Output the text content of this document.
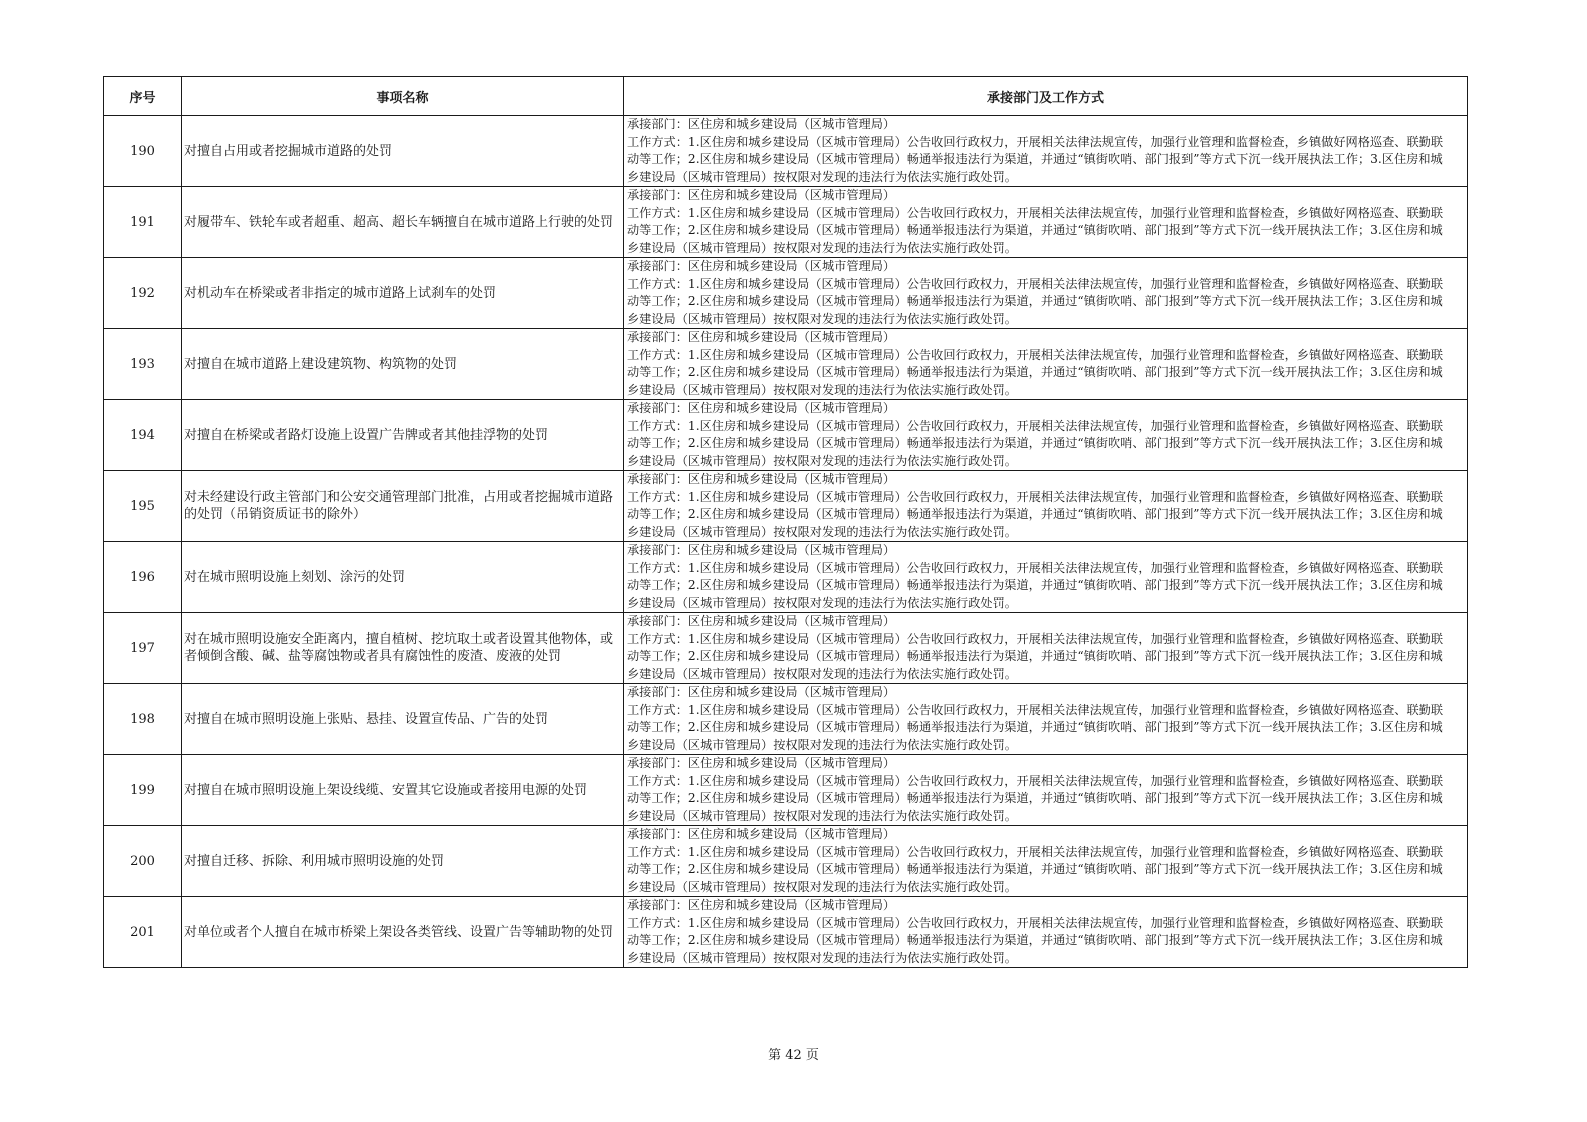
序号	事项名称	承接部门及工作方式
190	对擅自占用或者挖掘城市道路的处罚	承接部门：区住房和城乡建设局（区城市管理局）
工作方式：1.区住房和城乡建设局（区城市管理局）公告收回行政权力，开展相关法律法规宣传，加强行业管理和监督检查，乡镇做好网格巡查、联勤联动等工作；2.区住房和城乡建设局（区城市管理局）畅通举报违法行为渠道，并通过“镇街吹哨、部门报到”等方式下沉一线开展执法工作；3.区住房和城乡建设局（区城市管理局）按权限对发现的违法行为依法实施行政处罚。

191	对履带车、铁轮车或者超重、超高、超长车辆擅自在城市道路上行驶的处罚	承接部门：区住房和城乡建设局（区城市管理局）
工作方式：1.区住房和城乡建设局（区城市管理局）公告收回行政权力，开展相关法律法规宣传，加强行业管理和监督检查，乡镇做好网格巡查、联勤联动等工作；2.区住房和城乡建设局（区城市管理局）畅通举报违法行为渠道，并通过“镇街吹哨、部门报到”等方式下沉一线开展执法工作；3.区住房和城乡建设局（区城市管理局）按权限对发现的违法行为依法实施行政处罚。

192	对机动车在桥梁或者非指定的城市道路上试刹车的处罚	承接部门：区住房和城乡建设局（区城市管理局）
工作方式：1.区住房和城乡建设局（区城市管理局）公告收回行政权力，开展相关法律法规宣传，加强行业管理和监督检查，乡镇做好网格巡查、联勤联动等工作；2.区住房和城乡建设局（区城市管理局）畅通举报违法行为渠道，并通过“镇街吹哨、部门报到”等方式下沉一线开展执法工作；3.区住房和城乡建设局（区城市管理局）按权限对发现的违法行为依法实施行政处罚。

193	对擅自在城市道路上建设建筑物、构筑物的处罚	承接部门：区住房和城乡建设局（区城市管理局）
工作方式：1.区住房和城乡建设局（区城市管理局）公告收回行政权力，开展相关法律法规宣传，加强行业管理和监督检查，乡镇做好网格巡查、联勤联动等工作；2.区住房和城乡建设局（区城市管理局）畅通举报违法行为渠道，并通过“镇街吹哨、部门报到”等方式下沉一线开展执法工作；3.区住房和城乡建设局（区城市管理局）按权限对发现的违法行为依法实施行政处罚。

194	对擅自在桥梁或者路灯设施上设置广告牌或者其他挂浮物的处罚	承接部门：区住房和城乡建设局（区城市管理局）
工作方式：1.区住房和城乡建设局（区城市管理局）公告收回行政权力，开展相关法律法规宣传，加强行业管理和监督检查，乡镇做好网格巡查、联勤联动等工作；2.区住房和城乡建设局（区城市管理局）畅通举报违法行为渠道，并通过“镇街吹哨、部门报到”等方式下沉一线开展执法工作；3.区住房和城乡建设局（区城市管理局）按权限对发现的违法行为依法实施行政处罚。

195	对未经建设行政主管部门和公安交通管理部门批准，占用或者挖掘城市道路的处罚（吊销资质证书的除外）	承接部门：区住房和城乡建设局（区城市管理局）
工作方式：1.区住房和城乡建设局（区城市管理局）公告收回行政权力，开展相关法律法规宣传，加强行业管理和监督检查，乡镇做好网格巡查、联勤联动等工作；2.区住房和城乡建设局（区城市管理局）畅通举报违法行为渠道，并通过“镇街吹哨、部门报到”等方式下沉一线开展执法工作；3.区住房和城乡建设局（区城市管理局）按权限对发现的违法行为依法实施行政处罚。

196	对在城市照明设施上刻划、涂污的处罚	承接部门：区住房和城乡建设局（区城市管理局）
工作方式：1.区住房和城乡建设局（区城市管理局）公告收回行政权力，开展相关法律法规宣传，加强行业管理和监督检查，乡镇做好网格巡查、联勤联动等工作；2.区住房和城乡建设局（区城市管理局）畅通举报违法行为渠道，并通过“镇街吹哨、部门报到”等方式下沉一线开展执法工作；3.区住房和城乡建设局（区城市管理局）按权限对发现的违法行为依法实施行政处罚。

197	对在城市照明设施安全距离内，擅自植树、挖坑取土或者设置其他物体，或者倾倒含酸、碱、盐等腐蚀物或者具有腐蚀性的废渣、废液的处罚	承接部门：区住房和城乡建设局（区城市管理局）
工作方式：1.区住房和城乡建设局（区城市管理局）公告收回行政权力，开展相关法律法规宣传，加强行业管理和监督检查，乡镇做好网格巡查、联勤联动等工作；2.区住房和城乡建设局（区城市管理局）畅通举报违法行为渠道，并通过“镇街吹哨、部门报到”等方式下沉一线开展执法工作；3.区住房和城乡建设局（区城市管理局）按权限对发现的违法行为依法实施行政处罚。

198	对擅自在城市照明设施上张贴、悬挂、设置宣传品、广告的处罚	承接部门：区住房和城乡建设局（区城市管理局）
工作方式：1.区住房和城乡建设局（区城市管理局）公告收回行政权力，开展相关法律法规宣传，加强行业管理和监督检查，乡镇做好网格巡查、联勤联动等工作；2.区住房和城乡建设局（区城市管理局）畅通举报违法行为渠道，并通过“镇街吹哨、部门报到”等方式下沉一线开展执法工作；3.区住房和城乡建设局（区城市管理局）按权限对发现的违法行为依法实施行政处罚。

199	对擅自在城市照明设施上架设线缆、安置其它设施或者接用电源的处罚	承接部门：区住房和城乡建设局（区城市管理局）
工作方式：1.区住房和城乡建设局（区城市管理局）公告收回行政权力，开展相关法律法规宣传，加强行业管理和监督检查，乡镇做好网格巡查、联勤联动等工作；2.区住房和城乡建设局（区城市管理局）畅通举报违法行为渠道，并通过“镇街吹哨、部门报到”等方式下沉一线开展执法工作；3.区住房和城乡建设局（区城市管理局）按权限对发现的违法行为依法实施行政处罚。

200	对擅自迁移、拆除、利用城市照明设施的处罚	承接部门：区住房和城乡建设局（区城市管理局）
工作方式：1.区住房和城乡建设局（区城市管理局）公告收回行政权力，开展相关法律法规宣传，加强行业管理和监督检查，乡镇做好网格巡查、联勤联动等工作；2.区住房和城乡建设局（区城市管理局）畅通举报违法行为渠道，并通过“镇街吹哨、部门报到”等方式下沉一线开展执法工作；3.区住房和城乡建设局（区城市管理局）按权限对发现的违法行为依法实施行政处罚。

201	对单位或者个人擅自在城市桥梁上架设各类管线、设置广告等辅助物的处罚	承接部门：区住房和城乡建设局（区城市管理局）
工作方式：1.区住房和城乡建设局（区城市管理局）公告收回行政权力，开展相关法律法规宣传，加强行业管理和监督检查，乡镇做好网格巡查、联勤联动等工作；2.区住房和城乡建设局（区城市管理局）畅通举报违法行为渠道，并通过“镇街吹哨、部门报到”等方式下沉一线开展执法工作；3.区住房和城乡建设局（区城市管理局）按权限对发现的违法行为依法实施行政处罚。
第 42 页
